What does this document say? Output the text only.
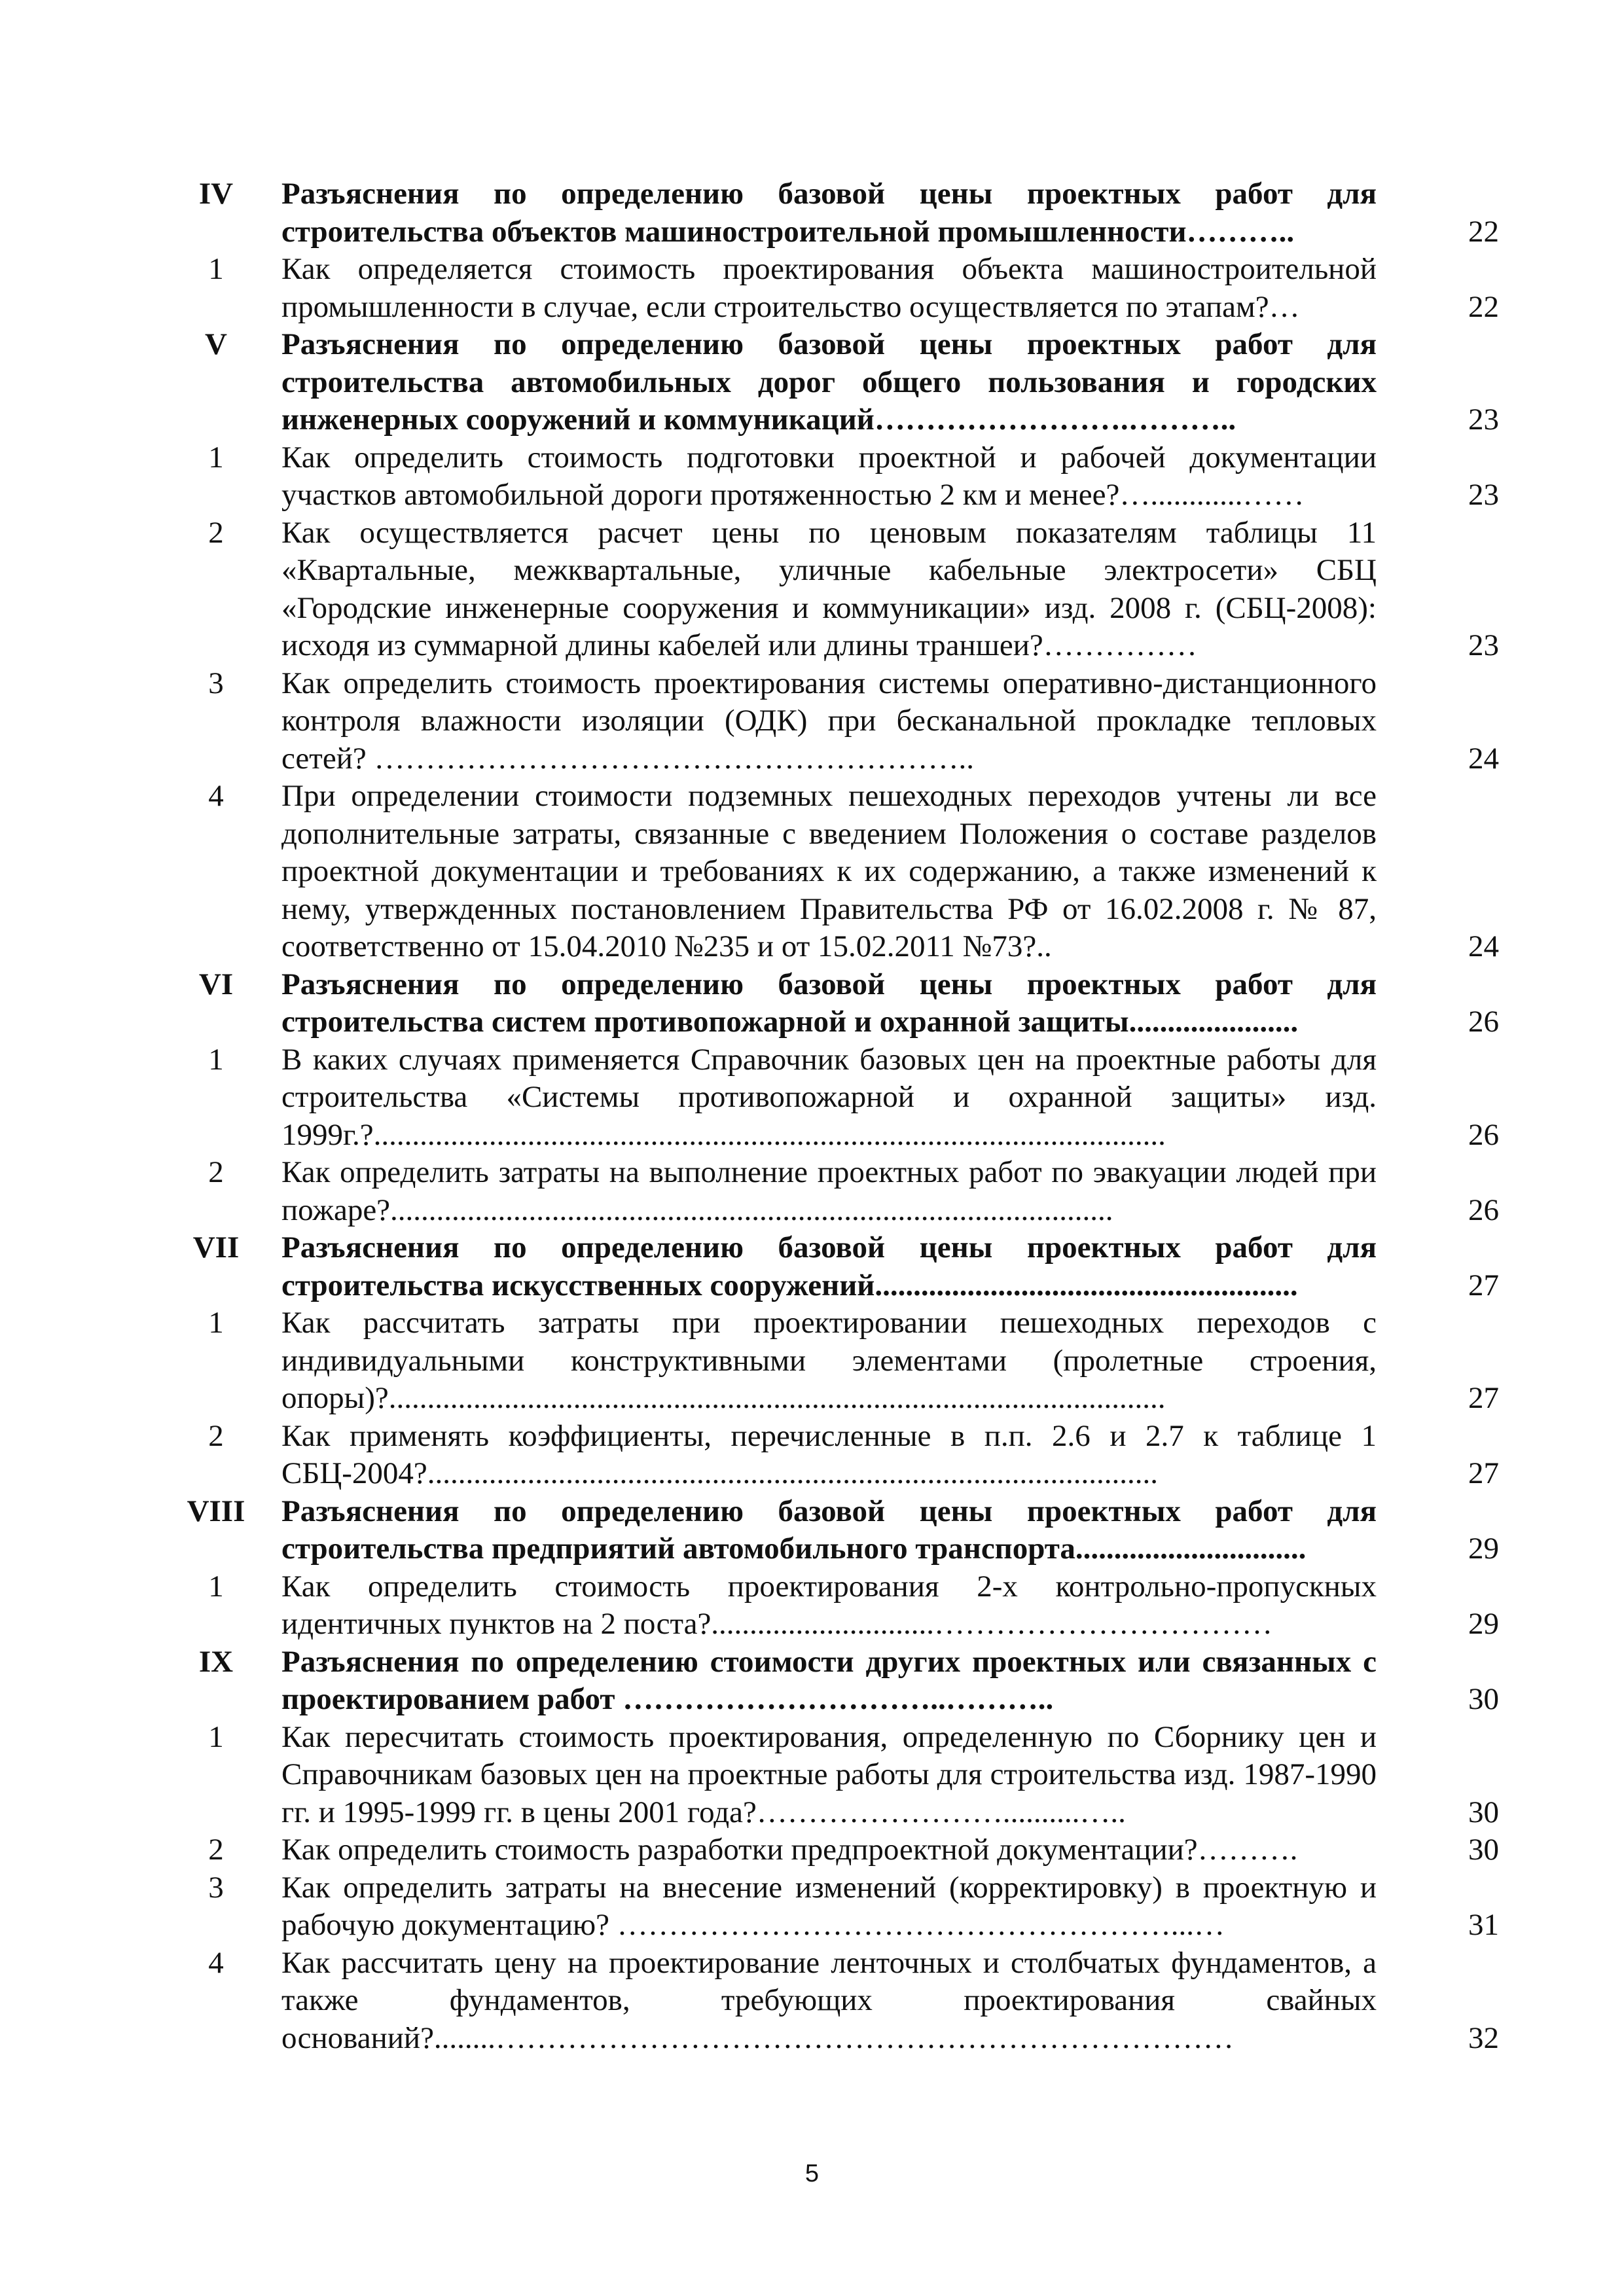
IV	Разъяснения по определению базовой цены проектных работ для строительства объектов машиностроительной промышленности………..	22
1	Как определяется стоимость проектирования объекта машиностроительной промышленности в случае, если строительство осуществляется по этапам?…	22
V	Разъяснения по определению базовой цены проектных работ для строительства автомобильных дорог общего пользования и городских инженерных сооружений и коммуникаций…………………….………..	23
1	Как определить стоимость подготовки проектной и рабочей документации участков автомобильной дороги протяженностью 2 км и менее?…............……	23
2	Как осуществляется расчет цены по ценовым показателям таблицы 11 «Квартальные, межквартальные, уличные кабельные электросети» СБЦ «Городские инженерные сооружения и коммуникации» изд. 2008 г. (СБЦ-2008): исходя из суммарной длины кабелей или длины траншеи?……………	23
3	Как определить стоимость проектирования системы оперативно-дистанционного контроля влажности изоляции (ОДК) при бесканальной прокладке тепловых сетей? …………………………………………………..	24
4	При определении стоимости подземных пешеходных переходов учтены ли все дополнительные затраты, связанные с введением Положения о составе разделов проектной документации и требованиях к их содержанию, а также изменений к нему, утвержденных постановлением Правительства РФ от 16.02.2008 г. № 87, соответственно от 15.04.2010 №235 и от 15.02.2011 №73?..	24
VI	Разъяснения по определению базовой цены проектных работ для строительства систем противопожарной и охранной защиты......................	26
1	В каких случаях применяется Справочник базовых цен на проектные работы для строительства «Системы противопожарной и охранной защиты» изд. 1999г.?.......................................................................................................	26
2	Как определить затраты на выполнение проектных работ по эвакуации людей при пожаре?..............................................................................................	26
VII	Разъяснения по определению базовой цены проектных работ для строительства искусственных сооружений.......................................................	27
1	Как рассчитать затраты при проектировании пешеходных переходов с индивидуальными конструктивными элементами (пролетные строения, опоры)?.....................................................................................................	27
2	Как применять коэффициенты, перечисленные в п.п. 2.6 и 2.7 к таблице 1 СБЦ-2004?...............................................................................................	27
VIII	Разъяснения по определению базовой цены проектных работ для строительства предприятий автомобильного транспорта..............................	29
1	Как определить стоимость проектирования 2-х контрольно-пропускных идентичных пунктов на 2 поста?.............................……………………………	29
IX	Разъяснения по определению стоимости других проектных или связанных с проектированием работ …………………………..………..	30
1	Как пересчитать стоимость проектирования, определенную по Сборнику цен и Справочникам базовых цен на проектные работы для строительства изд. 1987-1990 гг. и 1995-1999 гг. в цены 2001 года?……………………..........…..	30
2	Как определить стоимость разработки предпроектной документации?……….	30
3	Как определить затраты на внесение изменений (корректировку) в проектную и рабочую документацию? ………………………………………………...…	31
4	Как рассчитать цену на проектирование ленточных и столбчатых фундаментов, а также фундаментов, требующих проектирования свайных оснований?........………………………………………………………………	32
5
